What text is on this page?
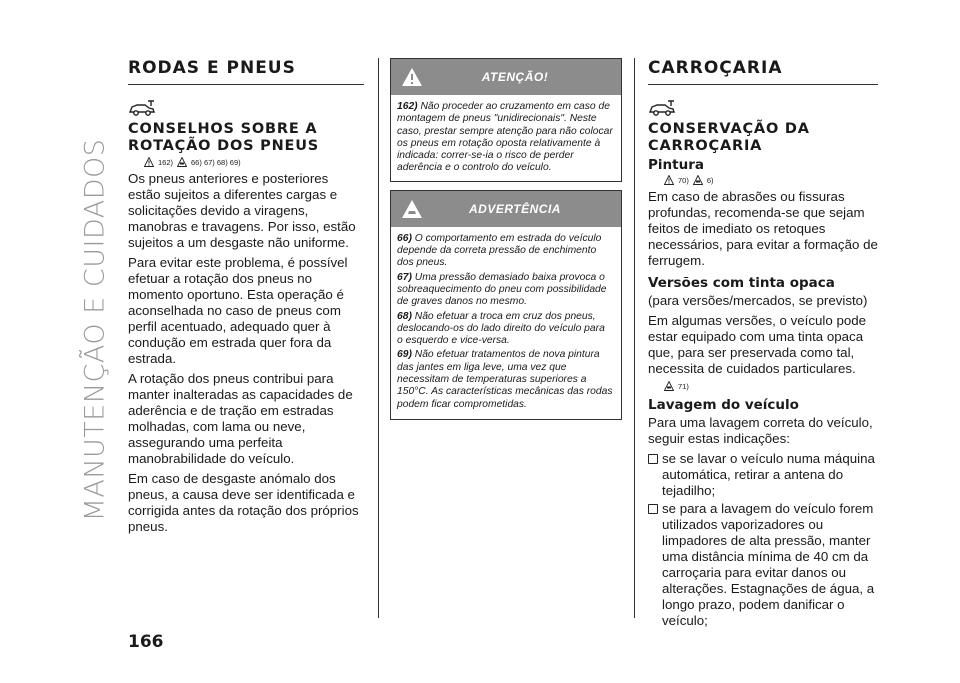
MANUTENÇÃO E CUIDADOS
RODAS E PNEUS
CONSELHOS SOBRE A
ROTAÇÃO DOS PNEUS
162) 66) 67) 68) 69)

Os pneus anteriores e posteriores estão sujeitos a diferentes cargas e solicitações devido a viragens, manobras e travagens. Por isso, estão sujeitos a um desgaste não uniforme.

Para evitar este problema, é possível efetuar a rotação dos pneus no momento oportuno. Esta operação é aconselhada no caso de pneus com perfil acentuado, adequado quer à condução em estrada quer fora da estrada.

A rotação dos pneus contribui para manter inalteradas as capacidades de aderência e de tração em estradas molhadas, com lama ou neve, assegurando uma perfeita manobrabilidade do veículo.

Em caso de desgaste anómalo dos pneus, a causa deve ser identificada e corrigida antes da rotação dos próprios pneus.

ATENÇÃO!
162) Não proceder ao cruzamento em caso de montagem de pneus "unidirecionais". Neste caso, prestar sempre atenção para não colocar os pneus em rotação oposta relativamente à indicada: correr-se-ia o risco de perder aderência e o controlo do veículo.
ADVERTÊNCIA
66) O comportamento em estrada do veículo depende da correta pressão de enchimento dos pneus.
67) Uma pressão demasiado baixa provoca o sobreaquecimento do pneu com possibilidade de graves danos no mesmo.
68) Não efetuar a troca em cruz dos pneus, deslocando-os do lado direito do veículo para o esquerdo e vice-versa.
69) Não efetuar tratamentos de nova pintura das jantes em liga leve, uma vez que necessitam de temperaturas superiores a 150°C. As características mecânicas das rodas podem ficar comprometidas.
CARROÇARIA
CONSERVAÇÃO DA
CARROÇARIA
Pintura
70) 6)

Em caso de abrasões ou fissuras profundas, recomenda-se que sejam feitos de imediato os retoques necessários, para evitar a formação de ferrugem.

Versões com tinta opaca

(para versões/mercados, se previsto)

Em algumas versões, o veículo pode estar equipado com uma tinta opaca que, para ser preservada como tal, necessita de cuidados particulares.

71)
Lavagem do veículo

Para uma lavagem correta do veículo, seguir estas indicações:

se se lavar o veículo numa máquina automática, retirar a antena do tejadilho;
se para a lavagem do veículo forem utilizados vaporizadores ou limpadores de alta pressão, manter uma distância mínima de 40 cm da carroçaria para evitar danos ou alterações. Estagnações de água, a longo prazo, podem danificar o veículo;
166
